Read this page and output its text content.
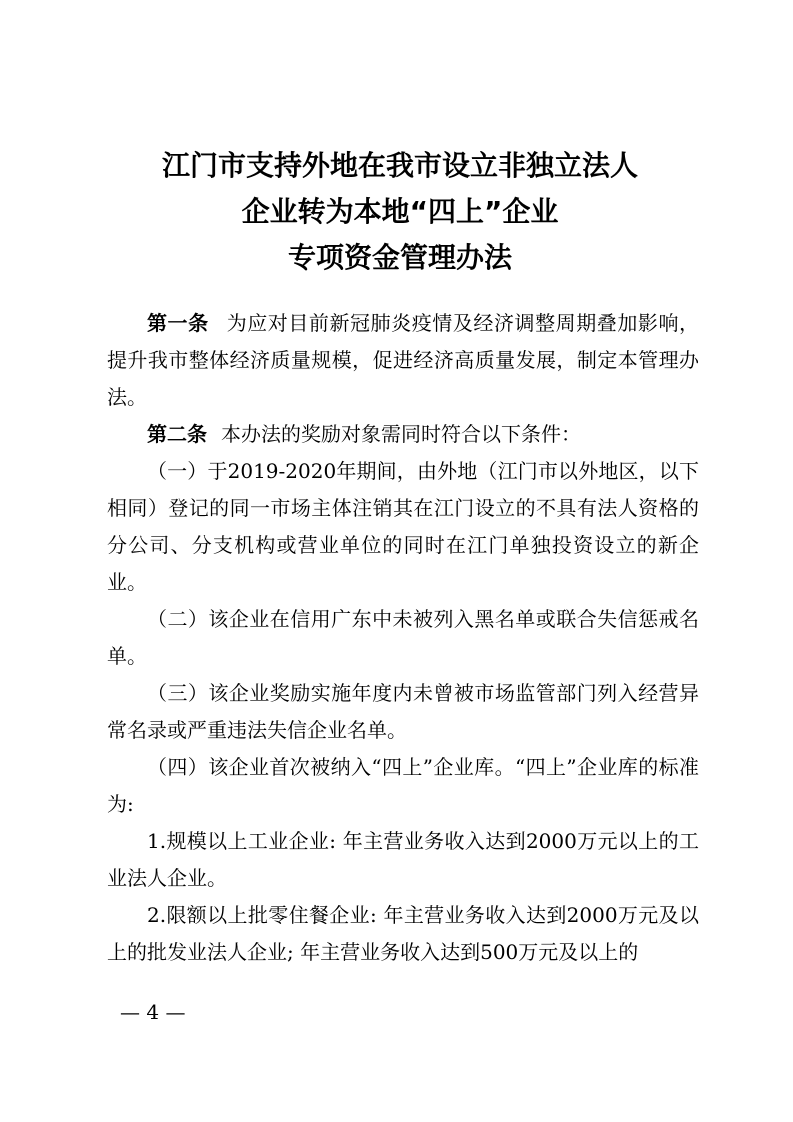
江门市支持外地在我市设立非独立法人
企业转为本地“四上”企业
专项资金管理办法

第一条 为应对目前新冠肺炎疫情及经济调整周期叠加影响，提升我市整体经济质量规模，促进经济高质量发展，制定本管理办法。

第二条 本办法的奖励对象需同时符合以下条件：

（一）于2019-2020年期间，由外地（江门市以外地区，以下相同）登记的同一市场主体注销其在江门设立的不具有法人资格的分公司、分支机构或营业单位的同时在江门单独投资设立的新企业。

（二）该企业在信用广东中未被列入黑名单或联合失信惩戒名单。

（三）该企业奖励实施年度内未曾被市场监管部门列入经营异常名录或严重违法失信企业名单。

（四）该企业首次被纳入“四上”企业库。“四上”企业库的标准为:

1.规模以上工业企业: 年主营业务收入达到2000万元以上的工业法人企业。

2.限额以上批零住餐企业: 年主营业务收入达到2000万元及以上的批发业法人企业; 年主营业务收入达到500万元及以上的

— 4 —
